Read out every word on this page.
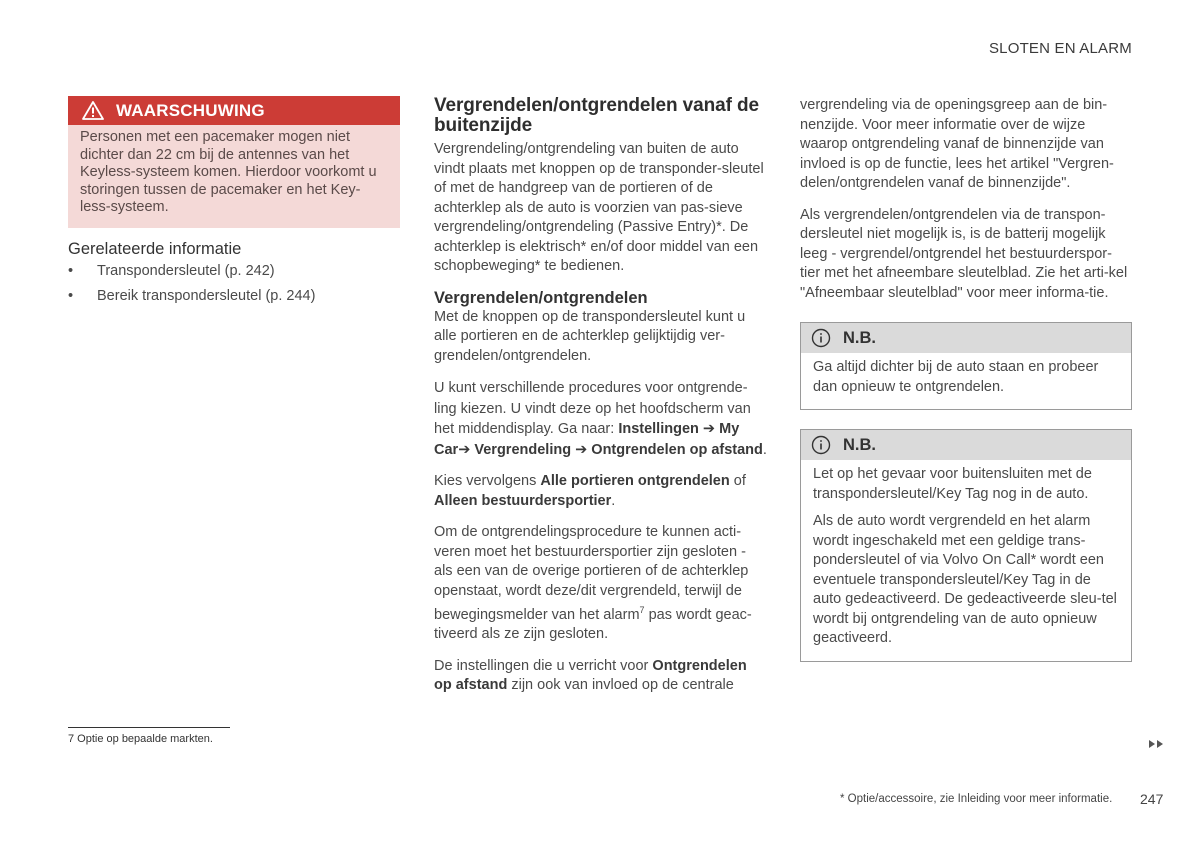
SLOTEN EN ALARM
WAARSCHUWING
Personen met een pacemaker mogen niet dichter dan 22 cm bij de antennes van het Keyless-systeem komen. Hierdoor voorkomt u storingen tussen de pacemaker en het Key-less-systeem.
Gerelateerde informatie
• Transpondersleutel (p. 242)
• Bereik transpondersleutel (p. 244)
Vergrendelen/ontgrendelen vanaf de buitenzijde

Vergrendeling/ontgrendeling van buiten de auto vindt plaats met knoppen op de transponder-sleutel of met de handgreep van de portieren of de achterklep als de auto is voorzien van pas-sieve vergrendeling/ontgrendeling (Passive Entry)*. De achterklep is elektrisch* en/of door middel van een schopbeweging* te bedienen.

Vergrendelen/ontgrendelen

Met de knoppen op de transpondersleutel kunt u alle portieren en de achterklep gelijktijdig ver-grendelen/ontgrendelen.

U kunt verschillende procedures voor ontgrende-ling kiezen. U vindt deze op het hoofdscherm van het middendisplay. Ga naar: Instellingen ➔ My Car➔ Vergrendeling ➔ Ontgrendelen op afstand.

Kies vervolgens Alle portieren ontgrendelen of Alleen bestuurdersportier.

Om de ontgrendelingsprocedure te kunnen acti-veren moet het bestuurdersportier zijn gesloten - als een van de overige portieren of de achterklep openstaat, wordt deze/dit vergrendeld, terwijl de bewegingsmelder van het alarm$^7$ pas wordt geac-tiveerd als ze zijn gesloten.

De instellingen die u verricht voor Ontgrendelen op afstand zijn ook van invloed op de centrale

vergrendeling via de openingsgreep aan de bin-nenzijde. Voor meer informatie over de wijze waarop ontgrendeling vanaf de binnenzijde van invloed is op de functie, lees het artikel "Vergren-delen/ontgrendelen vanaf de binnenzijde".

Als vergrendelen/ontgrendelen via de transpon-dersleutel niet mogelijk is, is de batterij mogelijk leeg - vergrendel/ontgrendel het bestuurderspor-tier met het afneembare sleutelblad. Zie het arti-kel "Afneembaar sleutelblad" voor meer informa-tie.

N.B.

Ga altijd dichter bij de auto staan en probeer dan opnieuw te ontgrendelen.

N.B.

Let op het gevaar voor buitensluiten met de transpondersleutel/Key Tag nog in de auto.

Als de auto wordt vergrendeld en het alarm wordt ingeschakeld met een geldige trans-pondersleutel of via Volvo On Call* wordt een eventuele transpondersleutel/Key Tag in de auto gedeactiveerd. De gedeactiveerde sleu-tel wordt bij ontgrendeling van de auto opnieuw geactiveerd.

7 Optie op bepaalde markten.
* Optie/accessoire, zie Inleiding voor meer informatie. 247
